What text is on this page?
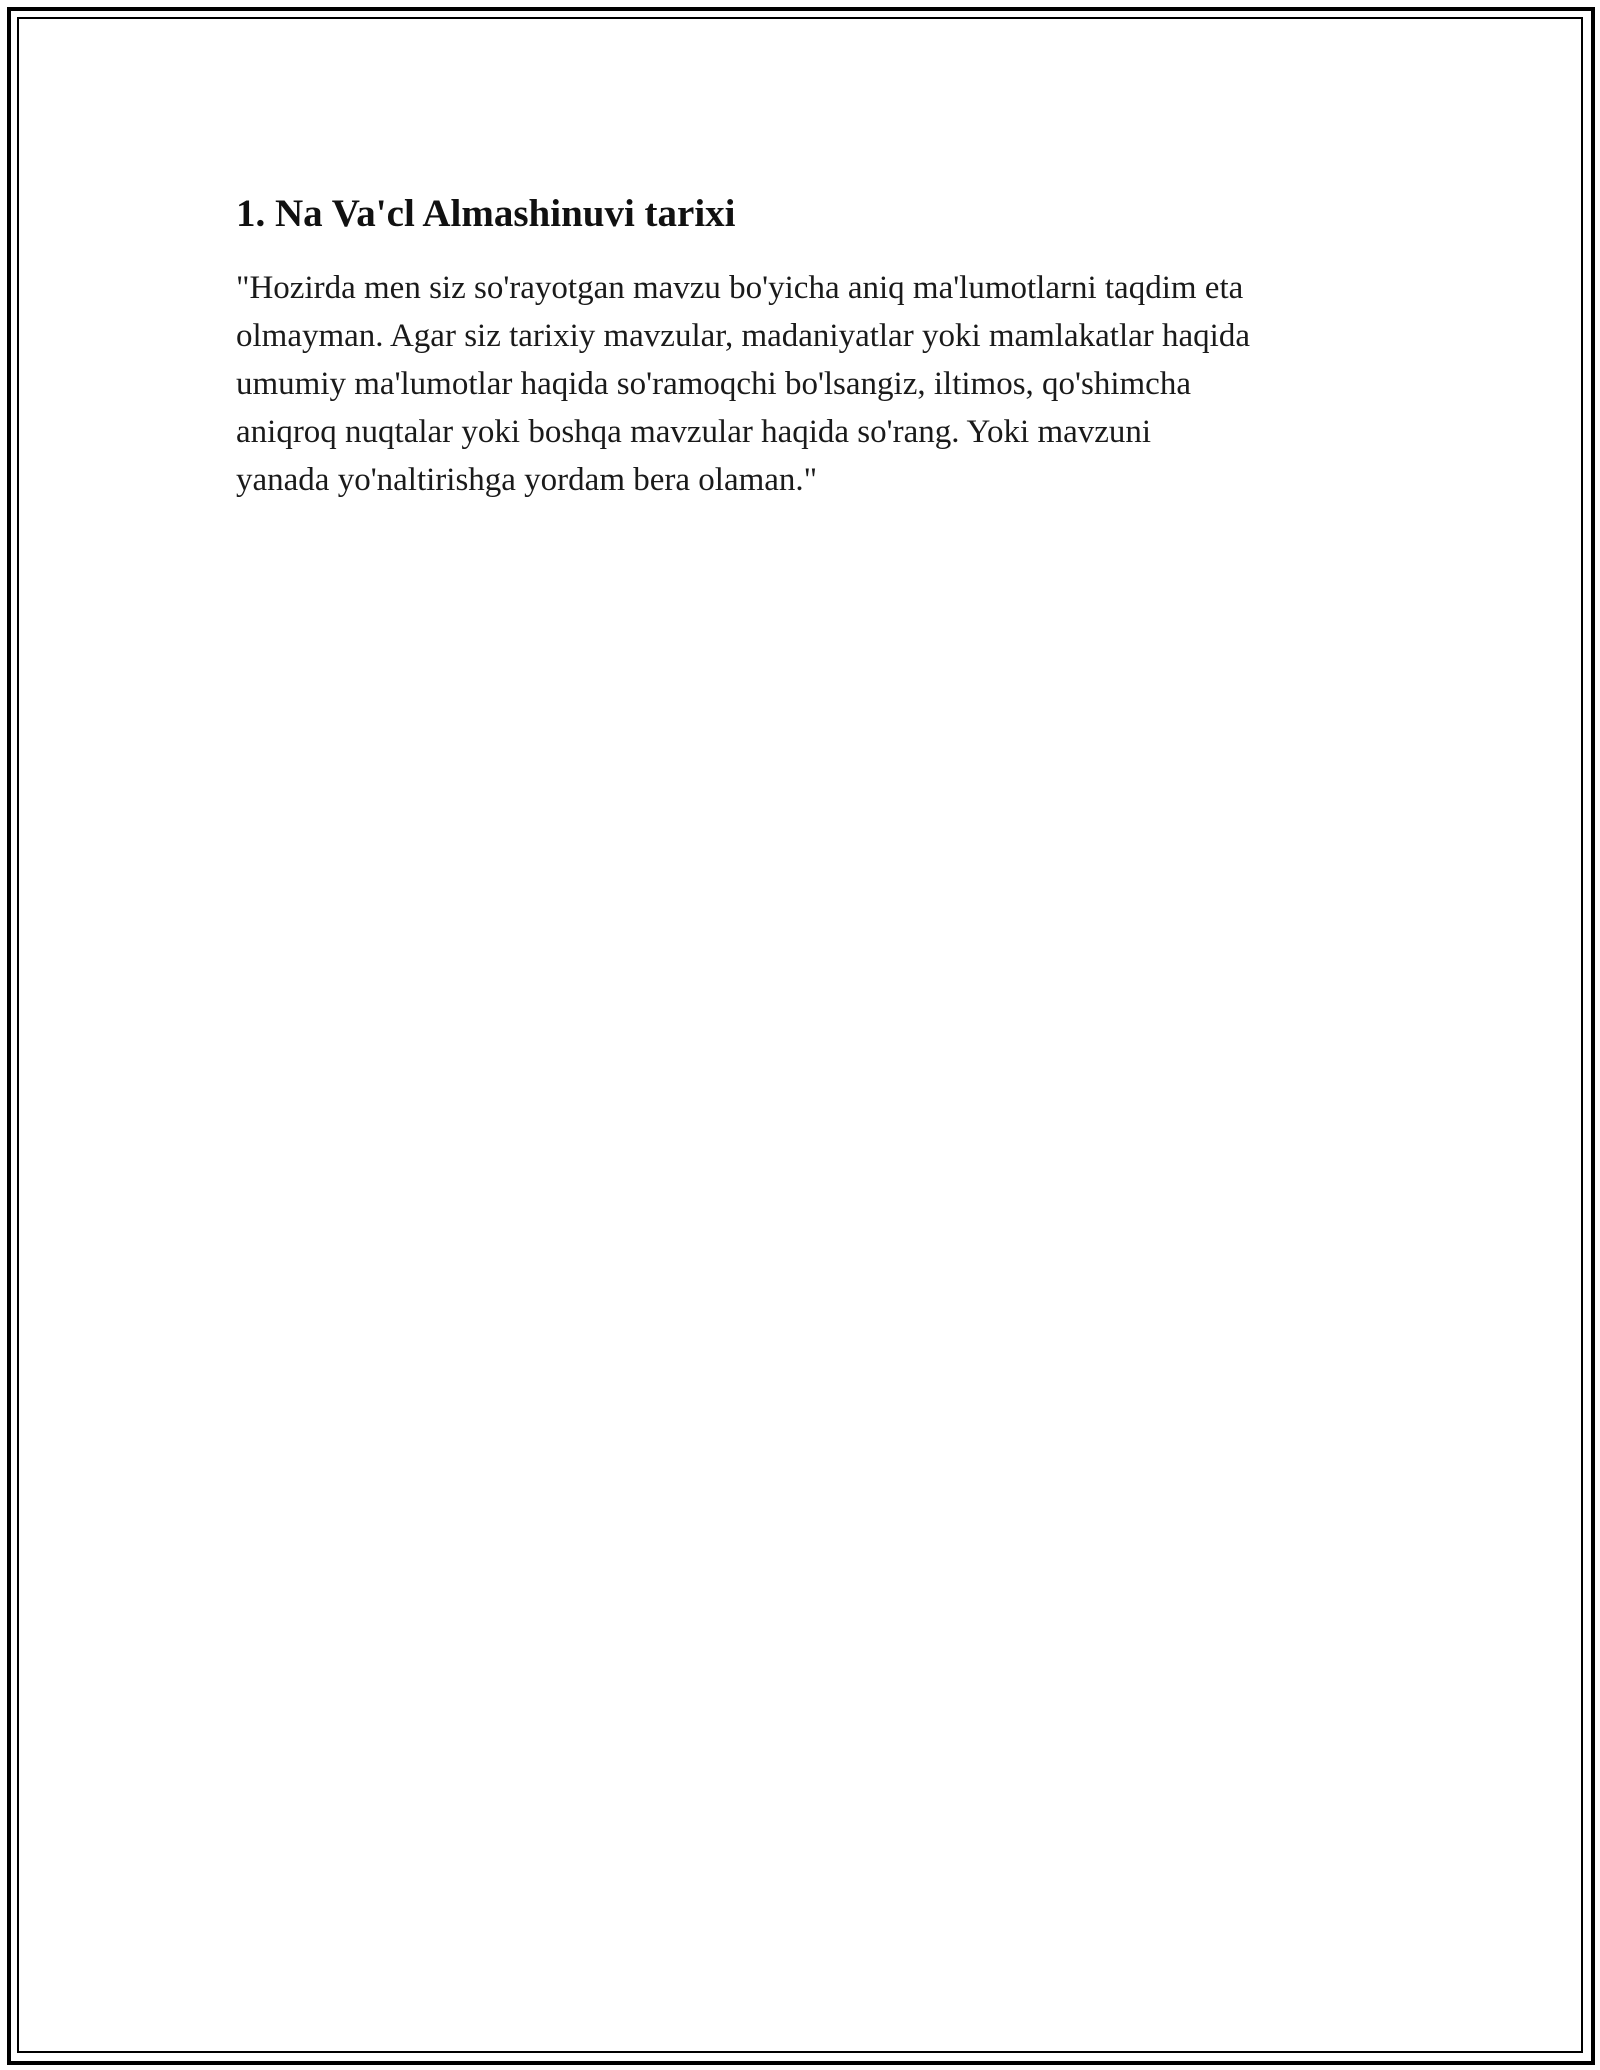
1. Na Va'cl Almashinuvi tarixi

"Hozirda men siz so'rayotgan mavzu bo'yicha aniq ma'lumotlarni taqdim eta
olmayman. Agar siz tarixiy mavzular, madaniyatlar yoki mamlakatlar haqida
umumiy ma'lumotlar haqida so'ramoqchi bo'lsangiz, iltimos, qo'shimcha
aniqroq nuqtalar yoki boshqa mavzular haqida so'rang. Yoki mavzuni
yanada yo'naltirishga yordam bera olaman."
